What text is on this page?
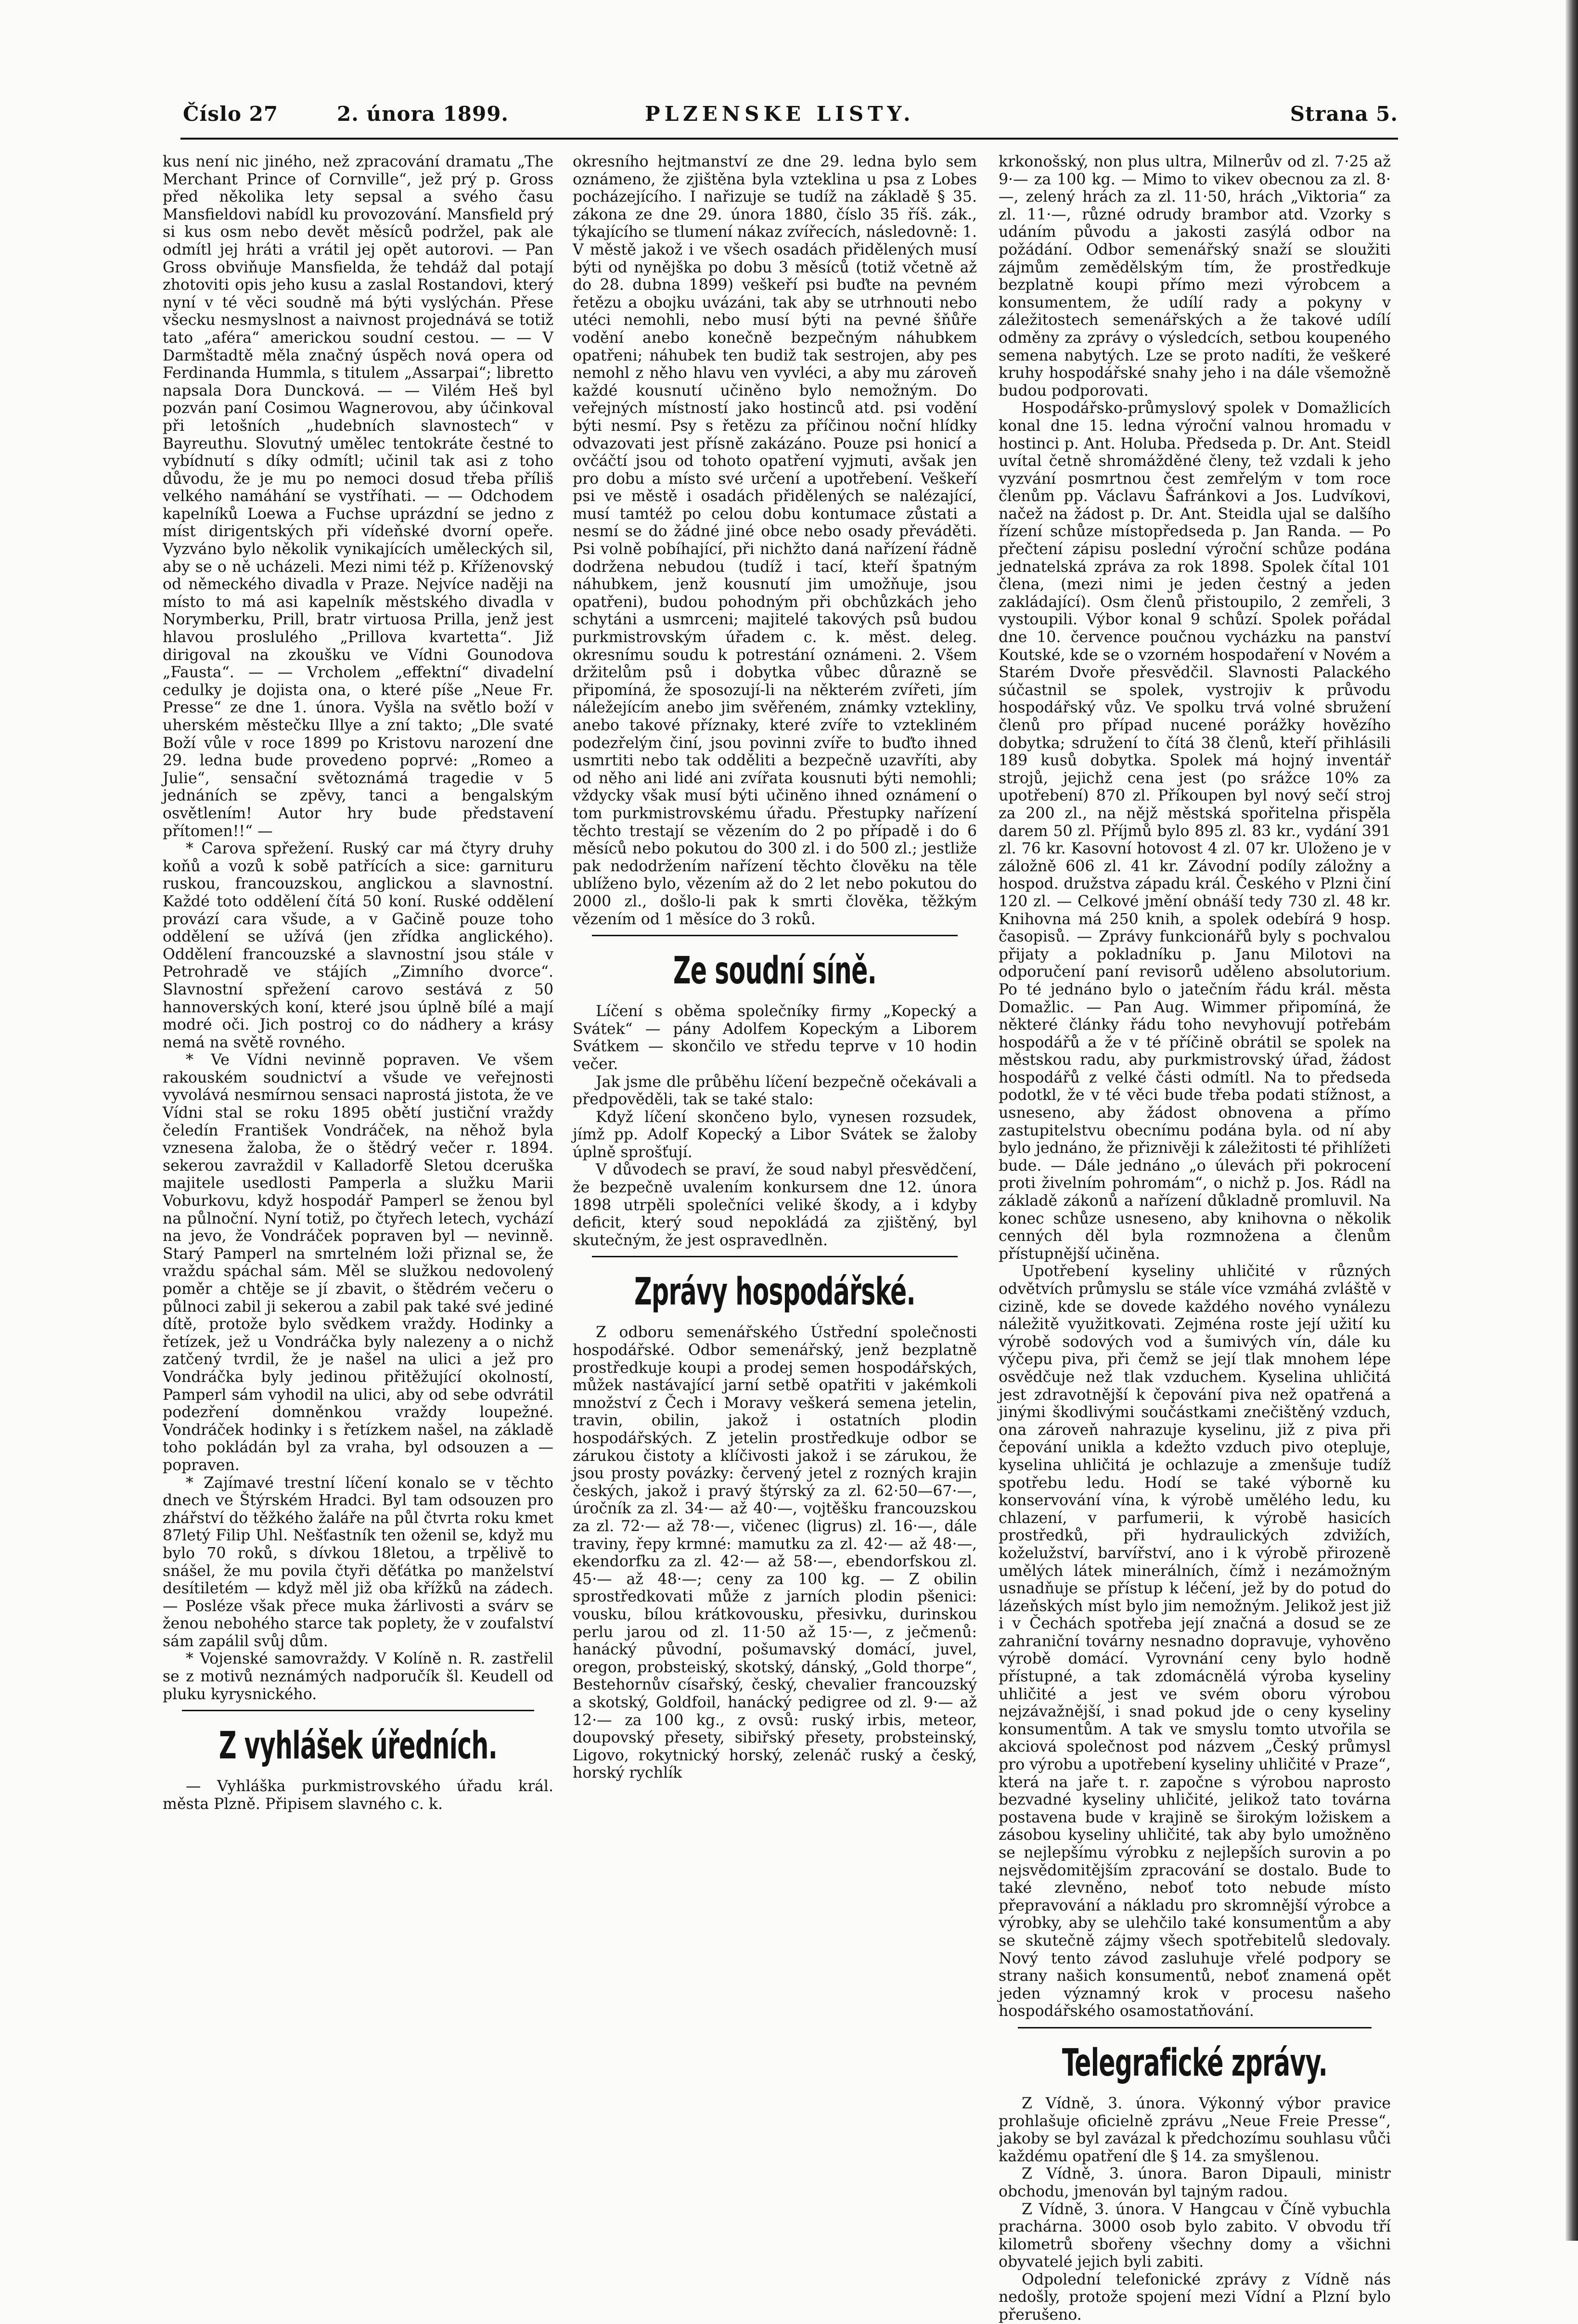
Číslo 27	2. února 1899.	PLZENSKE LISTY.	Strana 5.

kus není nic jiného, než zpracování dramatu „The Merchant Prince of Cornville“, jež prý p. Gross před několika lety sepsal a svého času Mansfieldovi nabídl ku provozování. Mansfield prý si kus osm nebo devět měsíců podržel, pak ale odmítl jej hráti a vrátil jej opět autorovi. — Pan Gross obviňuje Mansfielda, že tehdáž dal potají zhotoviti opis jeho kusu a zaslal Rostandovi, který nyní v té věci soudně má býti vyslýchán. Přese všecku nesmyslnost a naivnost projednává se totiž tato „aféra“ americkou soudní cestou. — — V Darmštadtě měla značný úspěch nová opera od Ferdinanda Hummla, s titulem „Assarpai“; libretto napsala Dora Duncková. — — Vilém Heš byl pozván paní Cosimou Wagnerovou, aby účinkoval při letošních „hudebních slavnostech“ v Bayreuthu. Slovutný umělec tentokráte čestné to vybídnutí s díky odmítl; učinil tak asi z toho důvodu, že je mu po nemoci dosud třeba příliš velkého namáhání se vystříhati. — — Odchodem kapelníků Loewa a Fuchse uprázdní se jedno z míst dirigentských při vídeňské dvorní opeře. Vyzváno bylo několik vynikajících uměleckých sil, aby se o ně ucházeli. Mezi nimi též p. Kříženovský od německého divadla v Praze. Nejvíce naději na místo to má asi kapelník městského divadla v Norymberku, Prill, bratr virtuosa Prilla, jenž jest hlavou proslulého „Prillova kvartetta“. Již dirigoval na zkoušku ve Vídni Gounodova „Fausta“. — — Vrcholem „effektní“ divadelní cedulky je dojista ona, o které píše „Neue Fr. Presse“ ze dne 1. února. Vyšla na světlo boží v uherském městečku Illye a zní takto; „Dle svaté Boží vůle v roce 1899 po Kristovu narození dne 29. ledna bude provedeno poprvé: „Romeo a Julie“, sensační světoznámá tragedie v 5 jednáních se zpěvy, tanci a bengalským osvětlením! Autor hry bude představení přítomen!!“ —

* Carova spřežení. Ruský car má čtyry druhy koňů a vozů k sobě patřících a sice: garnituru ruskou, francouzskou, anglickou a slavnostní. Každé toto oddělení čítá 50 koní. Ruské oddělení provází cara všude, a v Gačině pouze toho oddělení se užívá (jen zřídka anglického). Oddělení francouzské a slavnostní jsou stále v Petrohradě ve stájích „Zimního dvorce“. Slavnostní spřežení carovo sestává z 50 hannoverských koní, které jsou úplně bílé a mají modré oči. Jich postroj co do nádhery a krásy nemá na světě rovného.

* Ve Vídni nevinně popraven. Ve všem rakouském soudnictví a všude ve veřejnosti vyvolává nesmírnou sensaci naprostá jistota, že ve Vídni stal se roku 1895 obětí justiční vraždy čeledín František Vondráček, na něhož byla vznesena žaloba, že o štědrý večer r. 1894. sekerou zavraždil v Kalladorfě Sletou dceruška majitele usedlosti Pamperla a služku Marii Voburkovu, když hospodář Pamperl se ženou byl na půlnoční. Nyní totiž, po čtyřech letech, vychází na jevo, že Vondráček popraven byl — nevinně. Starý Pamperl na smrtelném loži přiznal se, že vraždu spáchal sám. Měl se služkou nedovolený poměr a chtěje se jí zbavit, o štědrém večeru o půlnoci zabil ji sekerou a zabil pak také své jediné dítě, protože bylo svědkem vraždy. Hodinky a řetízek, jež u Vondráčka byly nalezeny a o nichž zatčený tvrdil, že je našel na ulici a jež pro Vondráčka byly jedinou přitěžující okolností, Pamperl sám vyhodil na ulici, aby od sebe odvrátil podezření domněnkou vraždy loupežné. Vondráček hodinky i s řetízkem našel, na základě toho pokládán byl za vraha, byl odsouzen a — popraven.

* Zajímavé trestní líčení konalo se v těchto dnech ve Štýrském Hradci. Byl tam odsouzen pro zhářství do těžkého žaláře na půl čtvrta roku kmet 87letý Filip Uhl. Nešťastník ten oženil se, když mu bylo 70 roků, s dívkou 18letou, a trpělivě to snášel, že mu povila čtyři děťátka po manželství desítiletém — když měl již oba křížků na zádech. — Posléze však přece muka žárlivosti a svárv se ženou nebohého starce tak poplety, že v zoufalství sám zapálil svůj dům.

* Vojenské samovraždy. V Kolíně n. R. zastřelil se z motivů neznámých nadporučík šl. Keudell od pluku kyrysnického.

Z vyhlášek úředních.

— Vyhláška purkmistrovského úřadu král. města Plzně. Připisem slavného c. k.

okresního hejtmanství ze dne 29. ledna bylo sem oznámeno, že zjištěna byla vzteklina u psa z Lobes pocházejícího. I nařizuje se tudíž na základě § 35. zákona ze dne 29. února 1880, číslo 35 říš. zák., týkajícího se tlumení nákaz zvířecích, následovně: 1. V městě jakož i ve všech osadách přidělených musí býti od nynějška po dobu 3 měsíců (totiž včetně až do 28. dubna 1899) veškeří psi buďte na pevném řetězu a obojku uvázáni, tak aby se utrhnouti nebo utéci nemohli, nebo musí býti na pevné šňůře vodění anebo konečně bezpečným náhubkem opatřeni; náhubek ten budiž tak sestrojen, aby pes nemohl z něho hlavu ven vyvléci, a aby mu zároveň každé kousnutí učiněno bylo nemožným. Do veřejných místností jako hostinců atd. psi vodění býti nesmí. Psy s řetězu za příčinou noční hlídky odvazovati jest přísně zakázáno. Pouze psi honicí a ovčáčtí jsou od tohoto opatření vyjmuti, avšak jen pro dobu a místo své určení a upotřebení. Veškeří psi ve městě i osadách přidělených se nalézající, musí tamtéž po celou dobu kontumace zůstati a nesmí se do žádné jiné obce nebo osady převáděti. Psi volně pobíhající, při nichžto daná nařízení řádně dodržena nebudou (tudíž i tací, kteří špatným náhubkem, jenž kousnutí jim umožňuje, jsou opatřeni), budou pohodným při obchůzkách jeho schytáni a usmrceni; majitelé takových psů budou purkmistrovským úřadem c. k. měst. deleg. okresnímu soudu k potrestání oznámeni. 2. Všem držitelům psů i dobytka vůbec důrazně se připomíná, že sposozují-li na některém zvířeti, jím náležejícím anebo jim svěřeném, známky vztekliny, anebo takové příznaky, které zvíře to vztekliném podezřelým činí, jsou povinni zvíře to buďto ihned usmrtiti nebo tak odděliti a bezpečně uzavříti, aby od něho ani lidé ani zvířata kousnuti býti nemohli; vždycky však musí býti učiněno ihned oznámení o tom purkmistrovskému úřadu. Přestupky nařízení těchto trestají se vězením do 2 po případě i do 6 měsíců nebo pokutou do 300 zl. i do 500 zl.; jestliže pak nedodržením nařízení těchto člověku na těle ublíženo bylo, vězením až do 2 let nebo pokutou do 2000 zl., došlo-li pak k smrti člověka, těžkým vězením od 1 měsíce do 3 roků.

Ze soudní síně.

Líčení s oběma společníky firmy „Kopecký a Svátek“ — pány Adolfem Kopeckým a Liborem Svátkem — skončilo ve středu teprve v 10 hodin večer.

Jak jsme dle průběhu líčení bezpečně očekávali a předpověděli, tak se také stalo:

Když líčení skončeno bylo, vynesen rozsudek, jímž pp. Adolf Kopecký a Libor Svátek se žaloby úplně sprošťují.

V důvodech se praví, že soud nabyl přesvědčení, že bezpečně uvalením konkursem dne 12. února 1898 utrpěli společníci veliké škody, a i kdyby deficit, který soud nepokládá za zjištěný, byl skutečným, že jest ospravedlněn.

Zprávy hospodářské.

Z odboru semenářského Ústřední společnosti hospodářské. Odbor semenářský, jenž bezplatně prostředkuje koupi a prodej semen hospodářských, můžek nastávající jarní setbě opatřiti v jakémkoli množství z Čech i Moravy veškerá semena jetelin, travin, obilin, jakož i ostatních plodin hospodářských. Z jetelin prostředkuje odbor se zárukou čistoty a klíčivosti jakož i se zárukou, že jsou prosty povázky: červený jetel z rozných krajin českých, jakož i pravý štýrský za zl. 62·50—67·—, úročník za zl. 34·— až 40·—, vojtěšku francouzskou za zl. 72·— až 78·—, vičenec (ligrus) zl. 16·—, dále traviny, řepy krmné: mamutku za zl. 42·— až 48·—, ekendorfku za zl. 42·— až 58·—, ebendorfskou zl. 45·— až 48·—; ceny za 100 kg. — Z obilin sprostředkovati může z jarních plodin pšenici: vousku, bílou krátkovousku, přesivku, durinskou perlu jarou od zl. 11·50 až 15·—, z ječmenů: hanácký původní, pošumavský domácí, juvel, oregon, probsteiský, skotský, dánský, „Gold thorpe“, Bestehornův císařský, český, chevalier francouzský a skotský, Goldfoil, hanácký pedigree od zl. 9·— až 12·— za 100 kg., z ovsů: ruský irbis, meteor, doupovský přesety, sibiřský přesety, probsteinský, Ligovo, rokytnický horský, zelenáč ruský a český, horský rychlík

krkonošský, non plus ultra, Milnerův od zl. 7·25 až 9·— za 100 kg. — Mimo to vikev obecnou za zl. 8·—, zelený hrách za zl. 11·50, hrách „Viktoria“ za zl. 11·—, různé odrudy brambor atd. Vzorky s udáním původu a jakosti zasýlá odbor na požádání. Odbor semenářský snaží se sloužiti zájmům zemědělským tím, že prostředkuje bezplatně koupi přímo mezi výrobcem a konsumentem, že udílí rady a pokyny v záležitostech semenářských a že takové udílí odměny za zprávy o výsledcích, setbou koupeného semena nabytých. Lze se proto nadíti, že veškeré kruhy hospodářské snahy jeho i na dále všemožně budou podporovati.

Hospodářsko-průmyslový spolek v Domažlicích konal dne 15. ledna výroční valnou hromadu v hostinci p. Ant. Holuba. Předseda p. Dr. Ant. Steidl uvítal četně shromážděné členy, tež vzdali k jeho vyzvání posmrtnou čest zemřelým v tom roce členům pp. Václavu Šafránkovi a Jos. Ludvíkovi, načež na žádost p. Dr. Ant. Steidla ujal se dalšího řízení schůze místopředseda p. Jan Randa. — Po přečtení zápisu poslední výroční schůze podána jednatelská zpráva za rok 1898. Spolek čítal 101 člena, (mezi nimi je jeden čestný a jeden zakládající). Osm členů přistoupilo, 2 zemřeli, 3 vystoupili. Výbor konal 9 schůzí. Spolek pořádal dne 10. července poučnou vycházku na panství Koutské, kde se o vzorném hospodaření v Novém a Starém Dvoře přesvědčil. Slavnosti Palackého súčastnil se spolek, vystrojiv k průvodu hospodářský vůz. Ve spolku trvá volné sbružení členů pro případ nucené porážky hovězího dobytka; sdružení to čítá 38 členů, kteří přihlásili 189 kusů dobytka. Spolek má hojný inventář strojů, jejichž cena jest (po srážce 10% za upotřebení) 870 zl. Příkoupen byl nový sečí stroj za 200 zl., na nějž městská spořitelna přispěla darem 50 zl. Příjmů bylo 895 zl. 83 kr., vydání 391 zl. 76 kr. Kasovní hotovost 4 zl. 07 kr. Uloženo je v záložně 606 zl. 41 kr. Závodní podíly záložny a hospod. družstva západu král. Českého v Plzni činí 120 zl. — Celkové jmění obnáší tedy 730 zl. 48 kr. Knihovna má 250 knih, a spolek odebírá 9 hosp. časopisů. — Zprávy funkcionářů byly s pochvalou přijaty a pokladníku p. Janu Milotovi na odporučení paní revisorů uděleno absolutorium. Po té jednáno bylo o jatečním řádu král. města Domažlic. — Pan Aug. Wimmer připomíná, že některé články řádu toho nevyhovují potřebám hospodářů a že v té příčině obrátil se spolek na městskou radu, aby purkmistrovský úřad, žádost hospodářů z velké části odmítl. Na to předseda podotkl, že v té věci bude třeba podati stížnost, a usneseno, aby žádost obnovena a přímo zastupitelstvu obecnímu podána byla. od ní aby bylo jednáno, že přiznivěji k záležitosti té přihlížeti bude. — Dále jednáno „o úlevách při pokrocení proti živelním pohromám“, o nichž p. Jos. Rádl na základě zákonů a nařízení důkladně promluvil. Na konec schůze usneseno, aby knihovna o několik cenných děl byla rozmnožena a členům přístupnější učiněna.

Upotřebení kyseliny uhličité v různých odvětvích průmyslu se stále více vzmáhá zvláště v cizině, kde se dovede každého nového vynálezu náležitě využitkovati. Zejména roste její užití ku výrobě sodových vod a šumivých vín, dále ku výčepu piva, při čemž se její tlak mnohem lépe osvědčuje než tlak vzduchem. Kyselina uhličitá jest zdravotnější k čepování piva než opatřená a jinými škodlivými součástkami znečištěný vzduch, ona zároveň nahrazuje kyselinu, již z piva při čepování unikla a kdežto vzduch pivo otepluje, kyselina uhličitá je ochlazuje a zmenšuje tudíž spotřebu ledu. Hodí se také výborně ku konservování vína, k výrobě umělého ledu, ku chlazení, v parfumerii, k výrobě hasicích prostředků, při hydraulických zdvižích, koželužství, barvířství, ano i k výrobě přirozeně umělých látek minerálních, čímž i nezámožným usnadňuje se přístup k léčení, jež by do potud do lázeňských míst bylo jim nemožným. Jelikož jest již i v Čechách spotřeba její značná a dosud se ze zahraniční továrny nesnadno dopravuje, vyhověno výrobě domácí. Vyrovnání ceny bylo hodně přístupné, a tak zdomácnělá výroba kyseliny uhličité a jest ve svém oboru výrobou nejzávažnější, i snad pokud jde o ceny kyseliny konsumentům. A tak ve smyslu tomto utvořila se akciová společnost pod názvem „Český průmysl pro výrobu a upotřebení kyseliny uhličité v Praze“, která na jaře t. r. započne s výrobou naprosto bezvadné kyseliny uhličité, jelikož tato továrna postavena bude v krajině se širokým ložiskem a zásobou kyseliny uhličité, tak aby bylo umožněno se nejlepšímu výrobku z nejlepších surovin a po nejsvědomitějším zpracování se dostalo. Bude to také zlevněno, neboť toto nebude místo přepravování a nákladu pro skromnější výrobce a výrobky, aby se ulehčilo také konsumentům a aby se skutečně zájmy všech spotřebitelů sledovaly. Nový tento závod zasluhuje vřelé podpory se strany našich konsumentů, neboť znamená opět jeden významný krok v procesu našeho hospodářského osamostatňování.

Telegrafické zprávy.

Z Vídně, 3. února. Výkonný výbor pravice prohlašuje oficielně zprávu „Neue Freie Presse“, jakoby se byl zavázal k předchozímu souhlasu vůči každému opatření dle § 14. za smyšlenou.

Z Vídně, 3. února. Baron Dipauli, ministr obchodu, jmenován byl tajným radou.

Z Vídně, 3. února. V Hangcau v Číně vybuchla prachárna. 3000 osob bylo zabito. V obvodu tří kilometrů sbořeny všechny domy a všichni obyvatelé jejich byli zabiti.

Odpolední telefonické zprávy z Vídně nás nedošly, protože spojení mezi Vídní a Plzní bylo přerušeno.
